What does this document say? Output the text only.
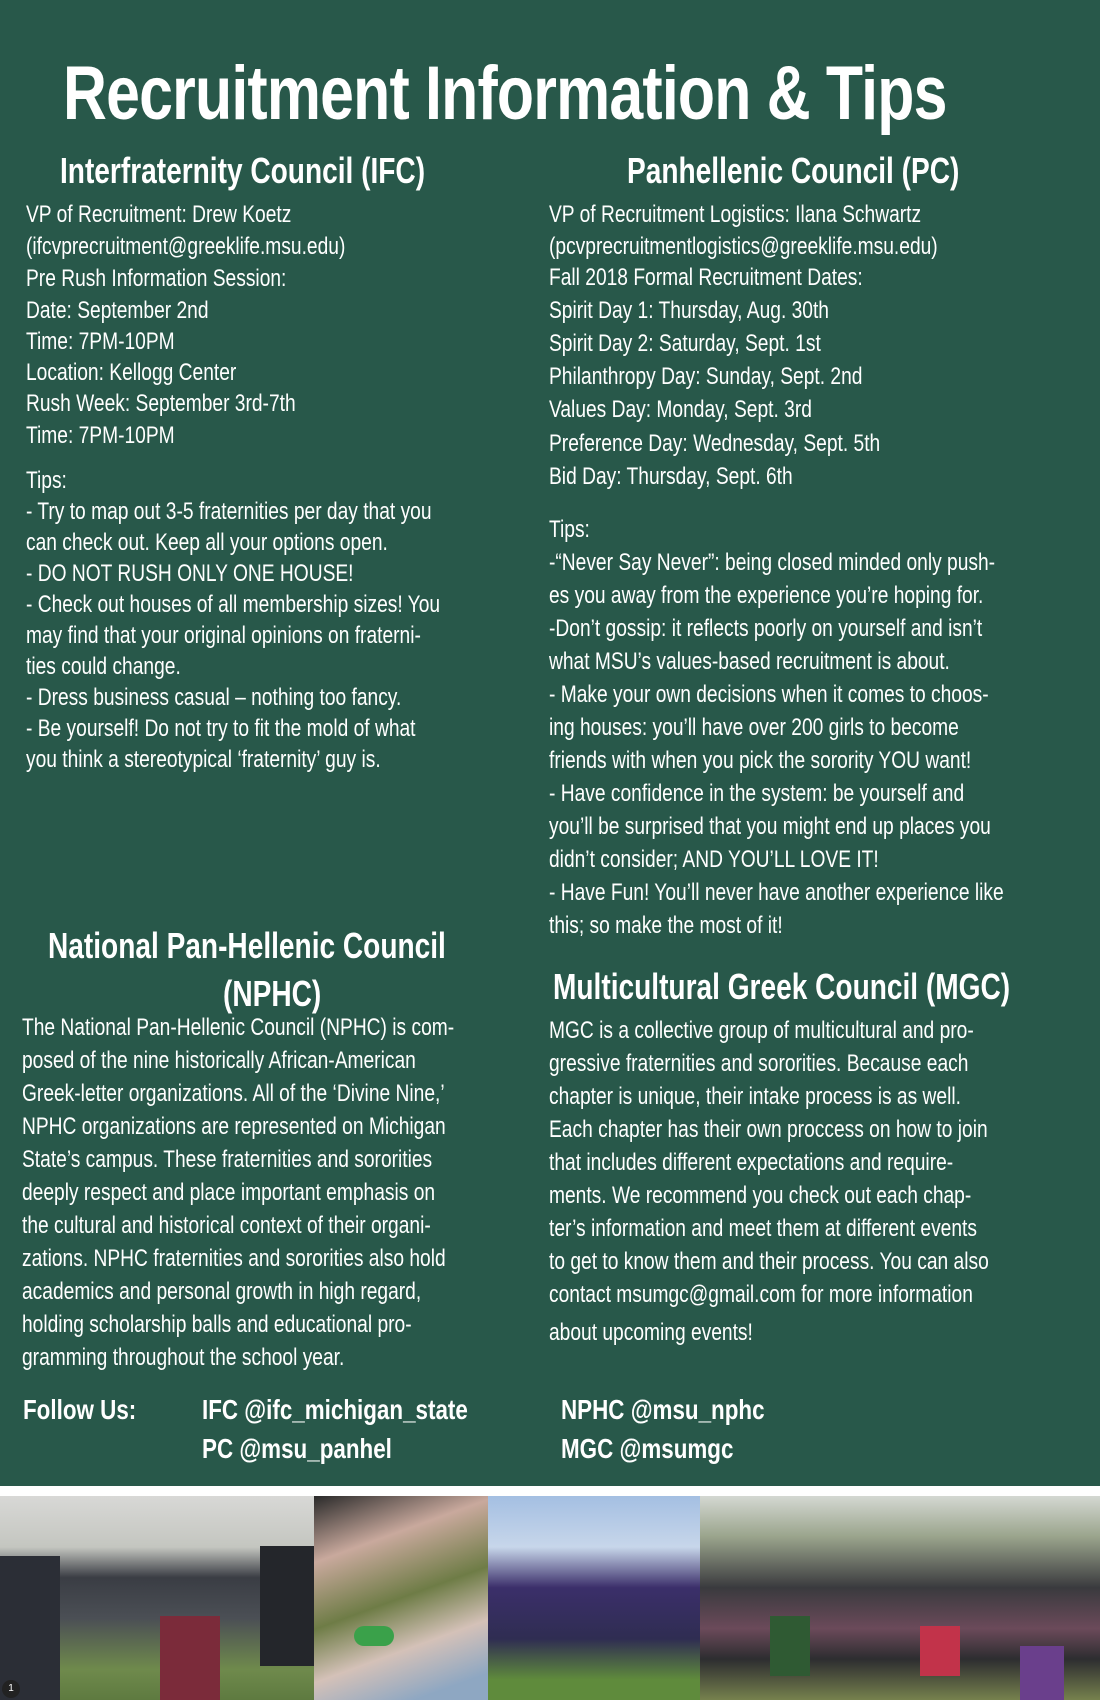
Recruitment Information & Tips
Interfraternity Council (IFC)
VP of Recruitment: Drew Koetz
(ifcvprecruitment@greeklife.msu.edu)
Pre Rush Information Session:
Date: September 2nd
Time: 7PM-10PM
Location: Kellogg Center
Rush Week: September 3rd-7th
Time: 7PM-10PM
Tips:
- Try to map out 3-5 fraternities per day that you
can check out. Keep all your options open.
- DO NOT RUSH ONLY ONE HOUSE!
- Check out houses of all membership sizes! You
may find that your original opinions on fraterni-
ties could change.
- Dress business casual – nothing too fancy.
- Be yourself! Do not try to fit the mold of what
you think a stereotypical ‘fraternity’ guy is.
Panhellenic Council (PC)
VP of Recruitment Logistics: Ilana Schwartz
(pcvprecruitmentlogistics@greeklife.msu.edu)
Fall 2018 Formal Recruitment Dates:
Spirit Day 1: Thursday, Aug. 30th
Spirit Day 2: Saturday, Sept. 1st
Philanthropy Day: Sunday, Sept. 2nd
Values Day: Monday, Sept. 3rd
Preference Day: Wednesday, Sept. 5th
Bid Day: Thursday, Sept. 6th
Tips:
-“Never Say Never”: being closed minded only push-
es you away from the experience you’re hoping for.
-Don’t gossip: it reflects poorly on yourself and isn’t
what MSU’s values-based recruitment is about.
- Make your own decisions when it comes to choos-
ing houses: you’ll have over 200 girls to become
friends with when you pick the sorority YOU want!
- Have confidence in the system: be yourself and
you’ll be surprised that you might end up places you
didn’t consider; AND YOU’LL LOVE IT!
- Have Fun! You’ll never have another experience like
this; so make the most of it!
National Pan-Hellenic Council
(NPHC)
The National Pan-Hellenic Council (NPHC) is com-
posed of the nine historically African-American
Greek-letter organizations. All of the ‘Divine Nine,’
NPHC organizations are represented on Michigan
State’s campus. These fraternities and sororities
deeply respect and place important emphasis on
the cultural and historical context of their organi-
zations. NPHC fraternities and sororities also hold
academics and personal growth in high regard,
holding scholarship balls and educational pro-
gramming throughout the school year.
Multicultural Greek Council (MGC)
MGC is a collective group of multicultural and pro-
gressive fraternities and sororities. Because each
chapter is unique, their intake process is as well.
Each chapter has their own proccess on how to join
that includes different expectations and require-
ments. We recommend you check out each chap-
ter’s information and meet them at different events
to get to know them and their process. You can also
contact msumgc@gmail.com for more information
about upcoming events!
Follow Us: IFC @ifc_michigan_state
PC @msu_panhel
NPHC @msu_nphc
MGC @msumgc
1
